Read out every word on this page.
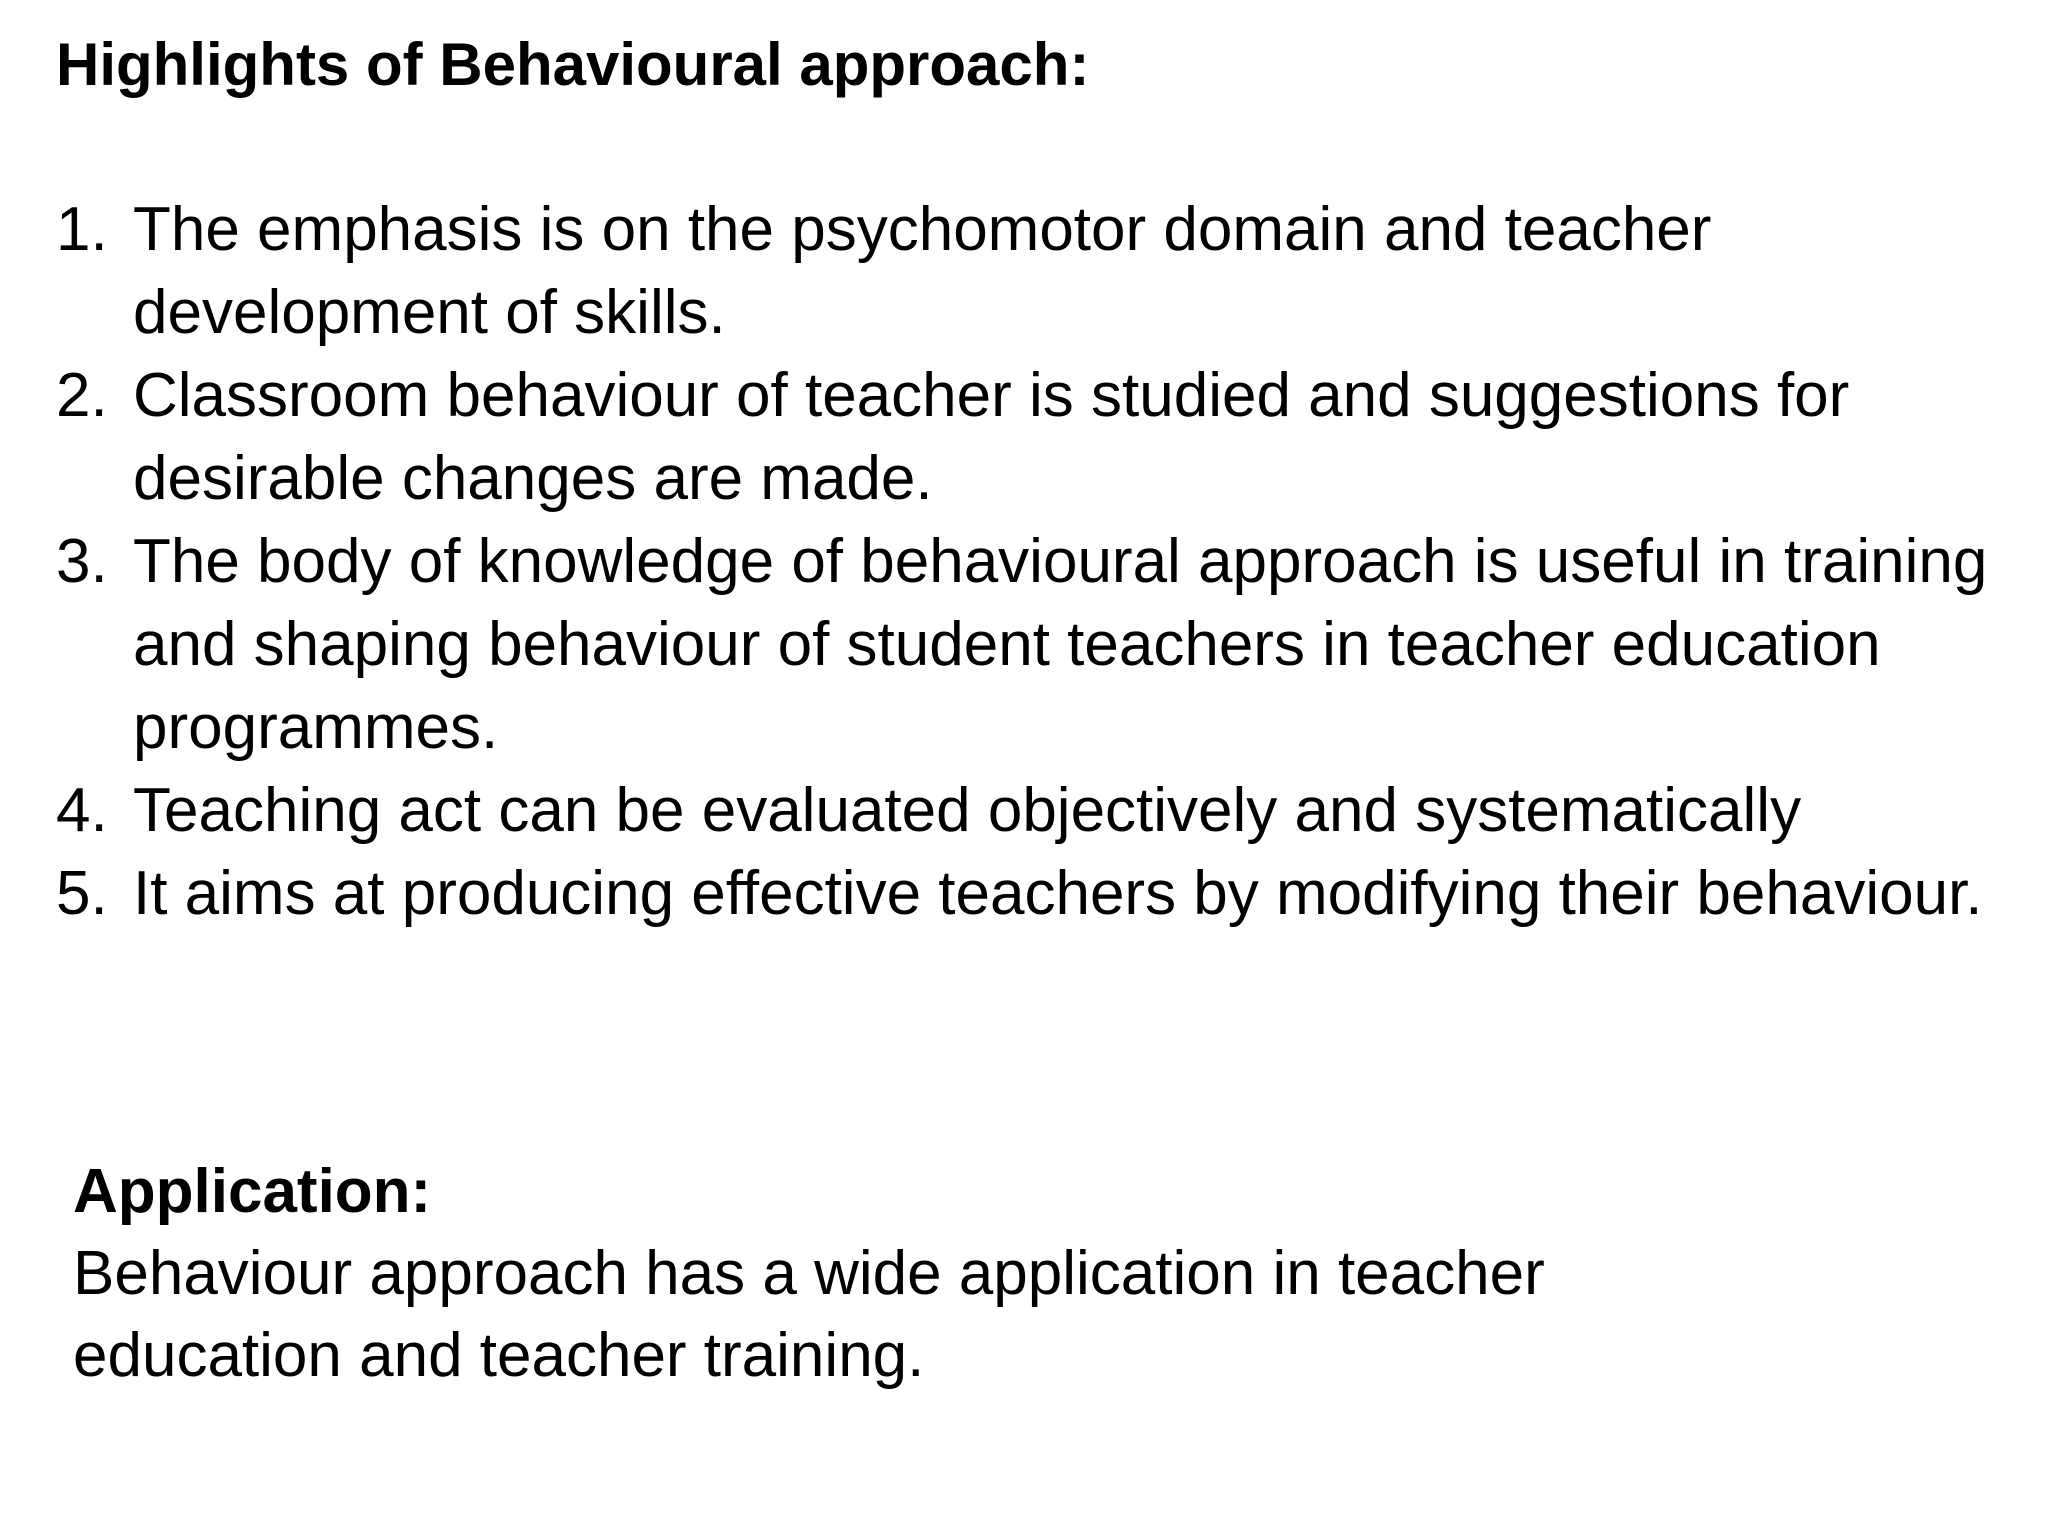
Highlights of Behavioural approach:
1. The emphasis is on the psychomotor domain and teacher development of skills.
2. Classroom behaviour of teacher is studied and suggestions for desirable changes are made.
3. The body of knowledge of behavioural approach is useful in training and shaping behaviour of student teachers in teacher education programmes.
4. Teaching act can be evaluated objectively and systematically
5. It aims at producing effective teachers by modifying their behaviour.
Application:

Behaviour approach has a wide application in teacher education and teacher training.
